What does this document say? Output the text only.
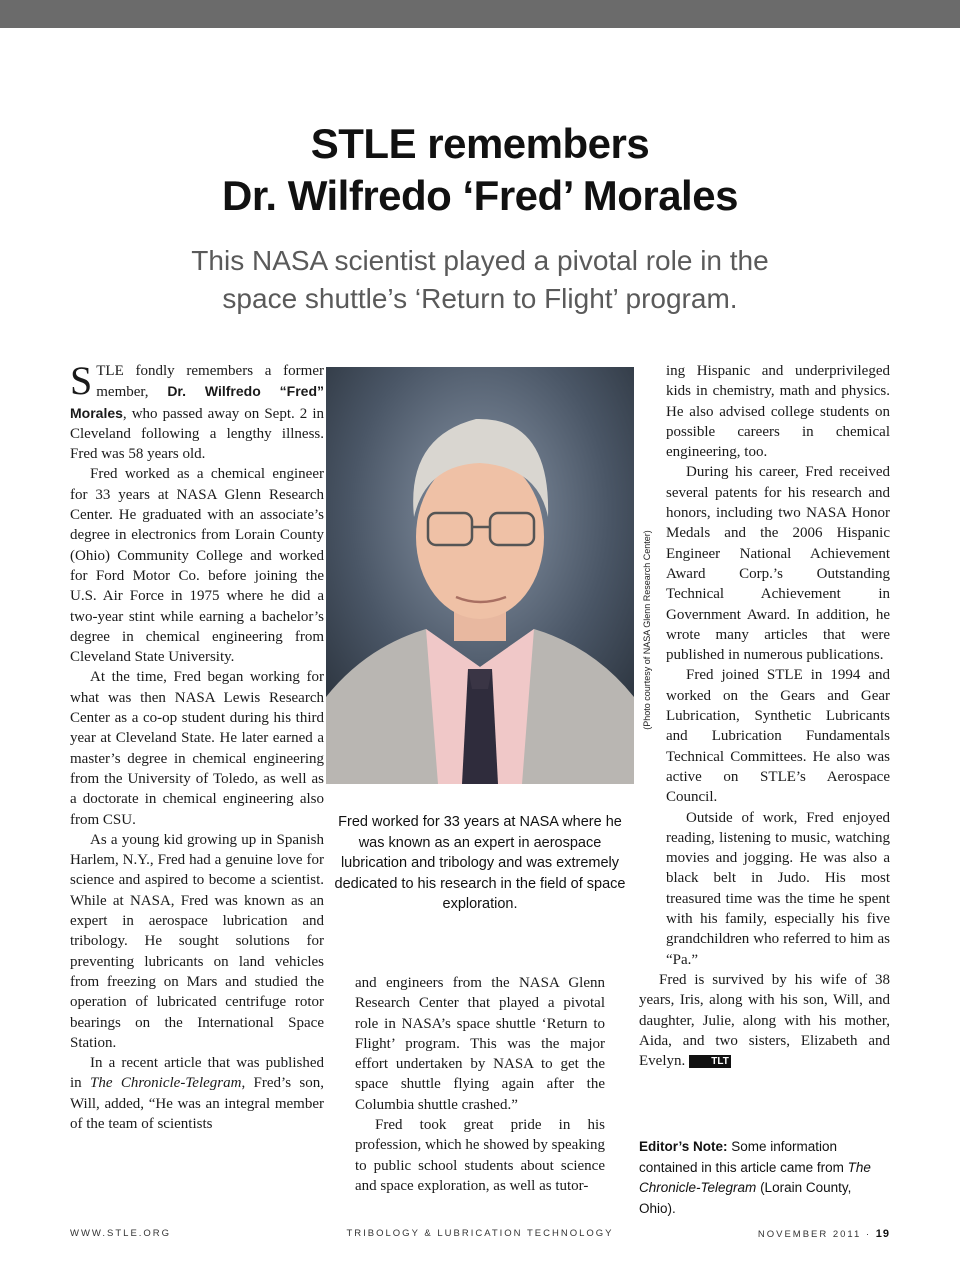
STLE remembers
Dr. Wilfredo ‘Fred’ Morales
This NASA scientist played a pivotal role in the
space shuttle’s ‘Return to Flight’ program.

STLE fondly remembers a former member, Dr. Wilfredo “Fred” Morales, who passed away on Sept. 2 in Cleveland following a lengthy illness. Fred was 58 years old.

Fred worked as a chemical engineer for 33 years at NASA Glenn Research Center. He graduated with an associate’s degree in electronics from Lorain County (Ohio) Community College and worked for Ford Motor Co. before joining the U.S. Air Force in 1975 where he did a two-year stint while earning a bachelor’s degree in chemical engineering from Cleveland State University.

At the time, Fred began working for what was then NASA Lewis Research Center as a co-op student during his third year at Cleveland State. He later earned a master’s degree in chemical engineering from the University of Toledo, as well as a doctorate in chemical engineering also from CSU.

As a young kid growing up in Spanish Harlem, N.Y., Fred had a genuine love for science and aspired to become a scientist. While at NASA, Fred was known as an expert in aerospace lubrication and tribology. He sought solutions for preventing lubricants on land vehicles from freezing on Mars and studied the operation of lubricated centrifuge rotor bearings on the International Space Station.

In a recent article that was published in The Chronicle-Telegram, Fred’s son, Will, added, “He was an integral member of the team of scientists

(Photo courtesy of NASA Glenn Research Center)
Fred worked for 33 years at NASA where he was known as an expert in aerospace lubrication and tribology and was extremely dedicated to his research in the field of space exploration.

and engineers from the NASA Glenn Research Center that played a pivotal role in NASA’s space shuttle ‘Return to Flight’ program. This was the major effort undertaken by NASA to get the space shuttle flying again after the Columbia shuttle crashed.”

Fred took great pride in his profession, which he showed by speaking to public school students about science and space exploration, as well as tutor-

ing Hispanic and underprivileged kids in chemistry, math and physics. He also advised college students on possible careers in chemical engineering, too.

During his career, Fred received several patents for his research and honors, including two NASA Honor Medals and the 2006 Hispanic Engineer National Achievement Award Corp.’s Outstanding Technical Achievement in Government Award. In addition, he wrote many articles that were published in numerous publications.

Fred joined STLE in 1994 and worked on the Gears and Gear Lubrication, Synthetic Lubricants and Lubrication Fundamentals Technical Committees. He also was active on STLE’s Aerospace Council.

Outside of work, Fred enjoyed reading, listening to music, watching movies and jogging. He was also a black belt in Judo. His most treasured time was the time he spent with his family, especially his five grandchildren who referred to him as “Pa.”

Fred is survived by his wife of 38 years, Iris, along with his son, Will, and daughter, Julie, along with his mother, Aida, and two sisters, Elizabeth and Evelyn.	TLT

Editor’s Note: Some information contained in this article came from The Chronicle-Telegram (Lorain County, Ohio).
WWW.STLE.ORG	TRIBOLOGY & LUBRICATION TECHNOLOGY	NOVEMBER 2011 · 19
